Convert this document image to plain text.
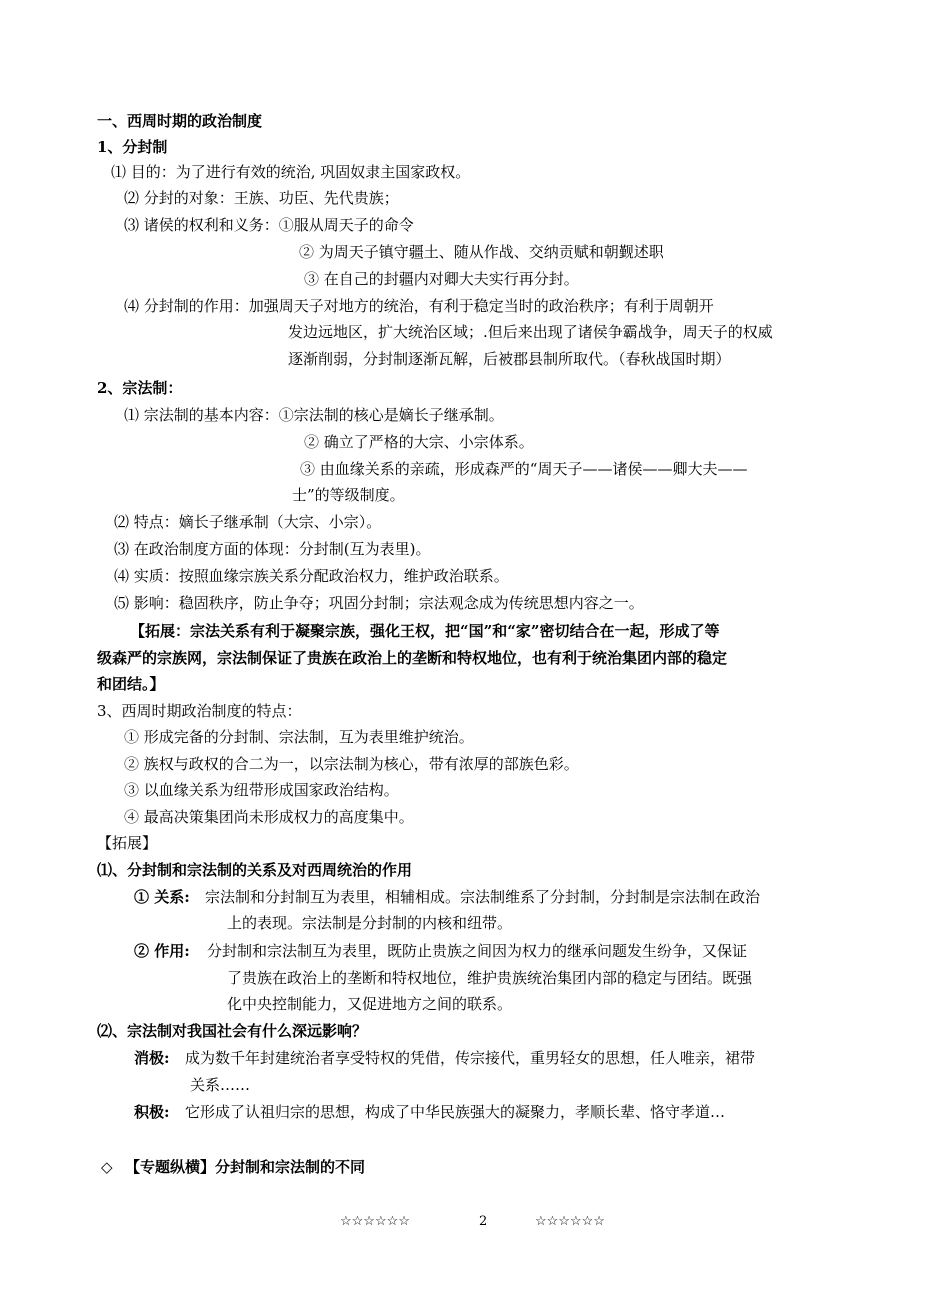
一、西周时期的政治制度
1、分封制
⑴ 目的：为了进行有效的统治, 巩固奴隶主国家政权。
⑵ 分封的对象：王族、功臣、先代贵族；
⑶ 诸侯的权利和义务：①服从周天子的命令
② 为周天子镇守疆土、随从作战、交纳贡赋和朝觐述职
③ 在自己的封疆内对卿大夫实行再分封。
⑷ 分封制的作用：加强周天子对地方的统治，有利于稳定当时的政治秩序；有利于周朝开
发边远地区，扩大统治区域；.但后来出现了诸侯争霸战争，周天子的权威
逐渐削弱，分封制逐渐瓦解，后被郡县制所取代。（春秋战国时期）
2、宗法制：
⑴ 宗法制的基本内容：①宗法制的核心是嫡长子继承制。
② 确立了严格的大宗、小宗体系。
③ 由血缘关系的亲疏，形成森严的“周天子——诸侯——卿大夫——
士”的等级制度。
⑵ 特点：嫡长子继承制（大宗、小宗）。
⑶ 在政治制度方面的体现：分封制(互为表里)。
⑷ 实质：按照血缘宗族关系分配政治权力，维护政治联系。
⑸ 影响：稳固秩序，防止争夺；巩固分封制；宗法观念成为传统思想内容之一。
【拓展：宗法关系有利于凝聚宗族，强化王权，把“国”和“家”密切结合在一起，形成了等
级森严的宗族网，宗法制保证了贵族在政治上的垄断和特权地位，也有利于统治集团内部的稳定
和团结。】
3、西周时期政治制度的特点：
① 形成完备的分封制、宗法制，互为表里维护统治。
② 族权与政权的合二为一，以宗法制为核心，带有浓厚的部族色彩。
③ 以血缘关系为纽带形成国家政治结构。
④ 最高决策集团尚未形成权力的高度集中。
【拓展】
⑴、分封制和宗法制的关系及对西周统治的作用
① 关系: 宗法制和分封制互为表里，相辅相成。宗法制维系了分封制，分封制是宗法制在政治
上的表现。宗法制是分封制的内核和纽带。
② 作用: 分封制和宗法制互为表里，既防止贵族之间因为权力的继承问题发生纷争，又保证
了贵族在政治上的垄断和特权地位，维护贵族统治集团内部的稳定与团结。既强
化中央控制能力，又促进地方之间的联系。
⑵、宗法制对我国社会有什么深远影响？
消极: 成为数千年封建统治者享受特权的凭借，传宗接代，重男轻女的思想，任人唯亲，裙带
关系……
积极: 它形成了认祖归宗的思想，构成了中华民族强大的凝聚力，孝顺长辈、恪守孝道…
◇ 【专题纵横】分封制和宗法制的不同
☆☆☆☆☆☆	2	☆☆☆☆☆☆
